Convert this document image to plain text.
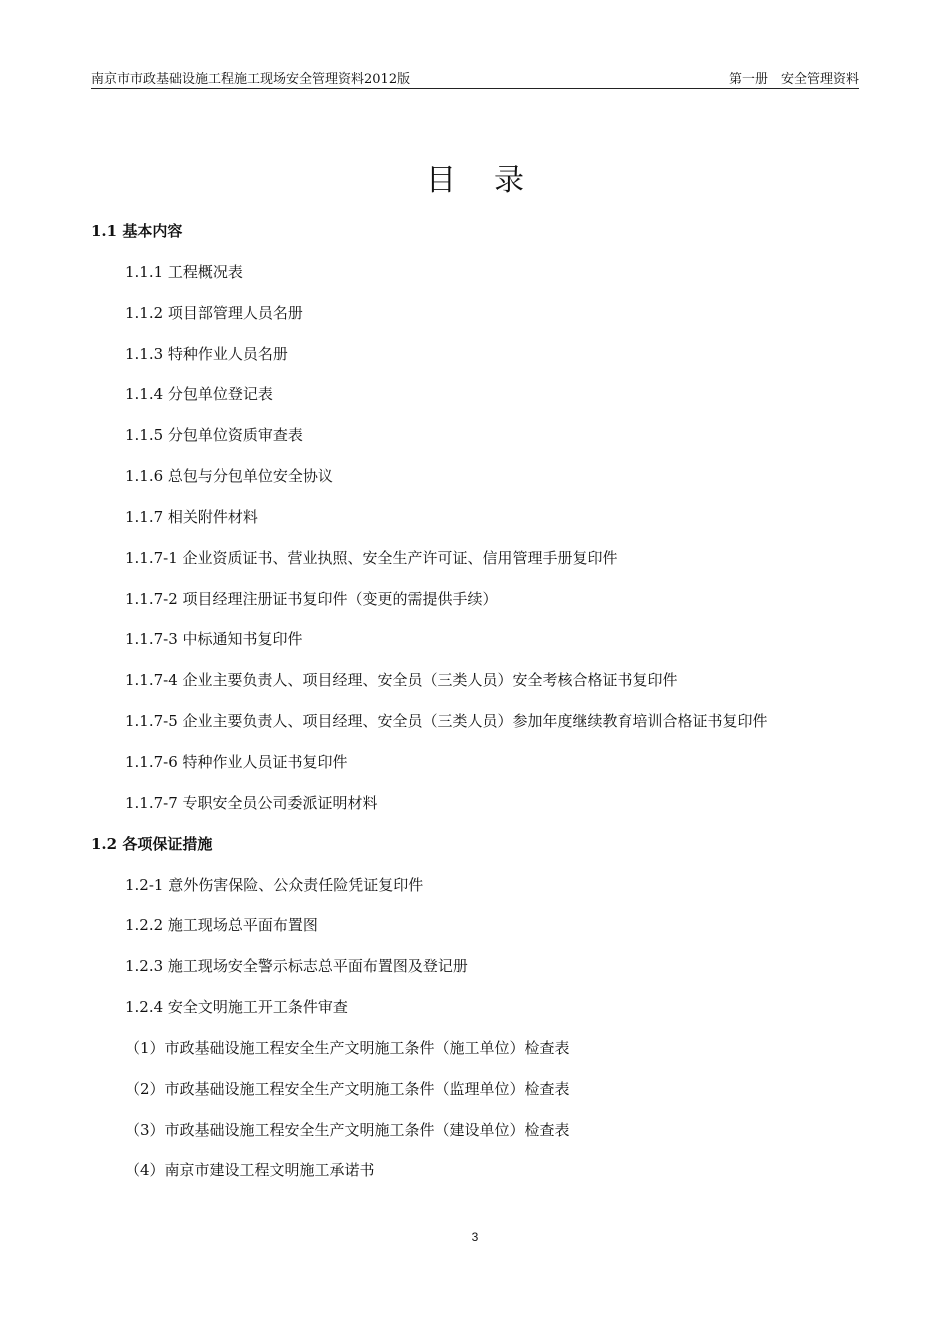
南京市市政基础设施工程施工现场安全管理资料2012版	第一册　安全管理资料
目录
1.1 基本内容
1.1.1 工程概况表
1.1.2 项目部管理人员名册
1.1.3 特种作业人员名册
1.1.4 分包单位登记表
1.1.5 分包单位资质审查表
1.1.6 总包与分包单位安全协议
1.1.7 相关附件材料
1.1.7-1 企业资质证书、营业执照、安全生产许可证、信用管理手册复印件
1.1.7-2 项目经理注册证书复印件（变更的需提供手续）
1.1.7-3 中标通知书复印件
1.1.7-4 企业主要负责人、项目经理、安全员（三类人员）安全考核合格证书复印件
1.1.7-5 企业主要负责人、项目经理、安全员（三类人员）参加年度继续教育培训合格证书复印件
1.1.7-6 特种作业人员证书复印件
1.1.7-7 专职安全员公司委派证明材料
1.2 各项保证措施
1.2-1 意外伤害保险、公众责任险凭证复印件
1.2.2 施工现场总平面布置图
1.2.3 施工现场安全警示标志总平面布置图及登记册
1.2.4 安全文明施工开工条件审查
（1）市政基础设施工程安全生产文明施工条件（施工单位）检查表
（2）市政基础设施工程安全生产文明施工条件（监理单位）检查表
（3）市政基础设施工程安全生产文明施工条件（建设单位）检查表
（4）南京市建设工程文明施工承诺书
3
